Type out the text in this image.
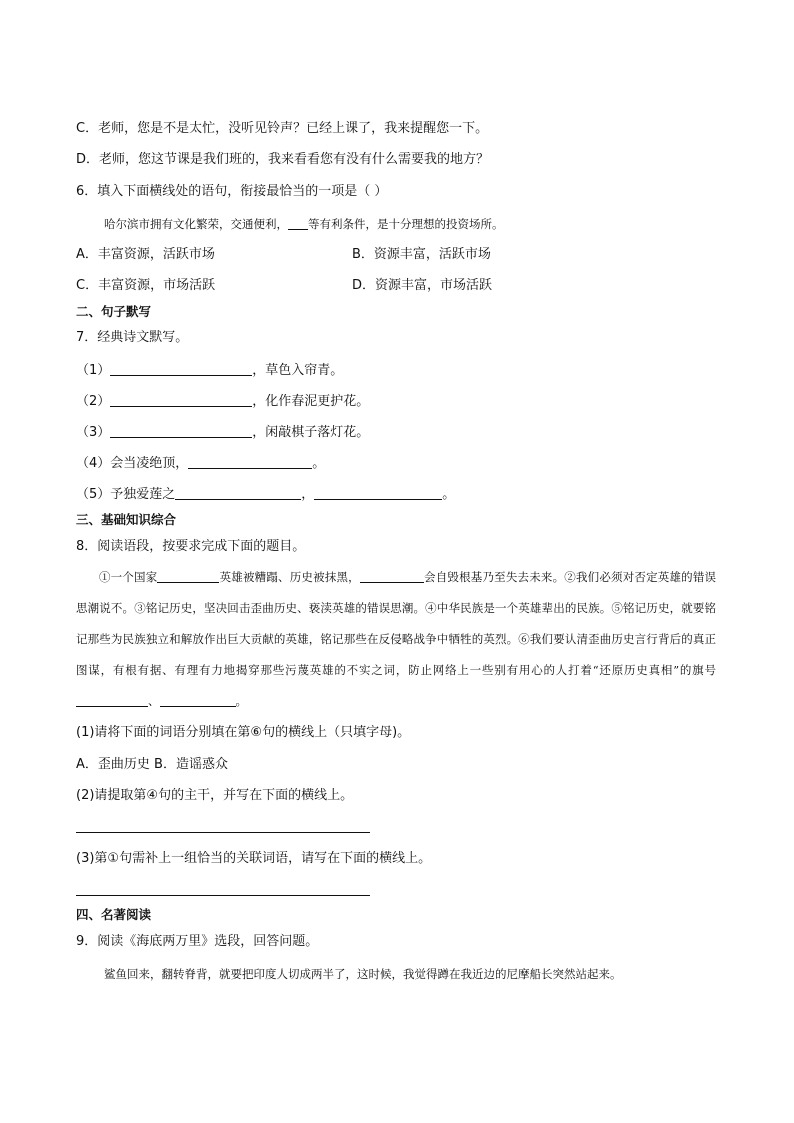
C．老师，您是不是太忙，没听见铃声？已经上课了，我来提醒您一下。
D．老师，您这节课是我们班的，我来看看您有没有什么需要我的地方？
6．填入下面横线处的语句，衔接最恰当的一项是（ ）
哈尔滨市拥有文化繁荣，交通便利， 等有利条件，是十分理想的投资场所。
A．丰富资源，活跃市场	B．资源丰富，活跃市场
C．丰富资源，市场活跃	D．资源丰富，市场活跃
二、句子默写
7．经典诗文默写。
（1）	，草色入帘青。
（2）	，化作春泥更护花。
（3）	，闲敲棋子落灯花。
（4）会当凌绝顶，	。
（5）予独爱莲之	，	。
三、基础知识综合
8．阅读语段，按要求完成下面的题目。
①一个国家	英雄被糟蹋、历史被抹黑，	会自毁根基乃至失去未来。②我们必须对否定英雄的错误思潮说不。③铭记历史，坚决回击歪曲历史、亵渎英雄的错误思潮。④中华民族是一个英雄辈出的民族。⑤铭记历史，就要铭记那些为民族独立和解放作出巨大贡献的英雄，铭记那些在反侵略战争中牺牲的英烈。⑥我们要认清歪曲历史言行背后的真正图谋，有根有据、有理有力地揭穿那些污蔑英雄的不实之词，防止网络上一些别有用心的人打着“还原历史真相”的旗号、	。
(1)请将下面的词语分别填在第⑥句的横线上（只填字母)。
A．歪曲历史 B．造谣惑众
(2)请提取第④句的主干，并写在下面的横线上。
(3)第①句需补上一组恰当的关联词语，请写在下面的横线上。
四、名著阅读
9．阅读《海底两万里》选段，回答问题。
鲨鱼回来，翻转脊背，就要把印度人切成两半了，这时候，我觉得蹲在我近边的尼摩船长突然站起来。
